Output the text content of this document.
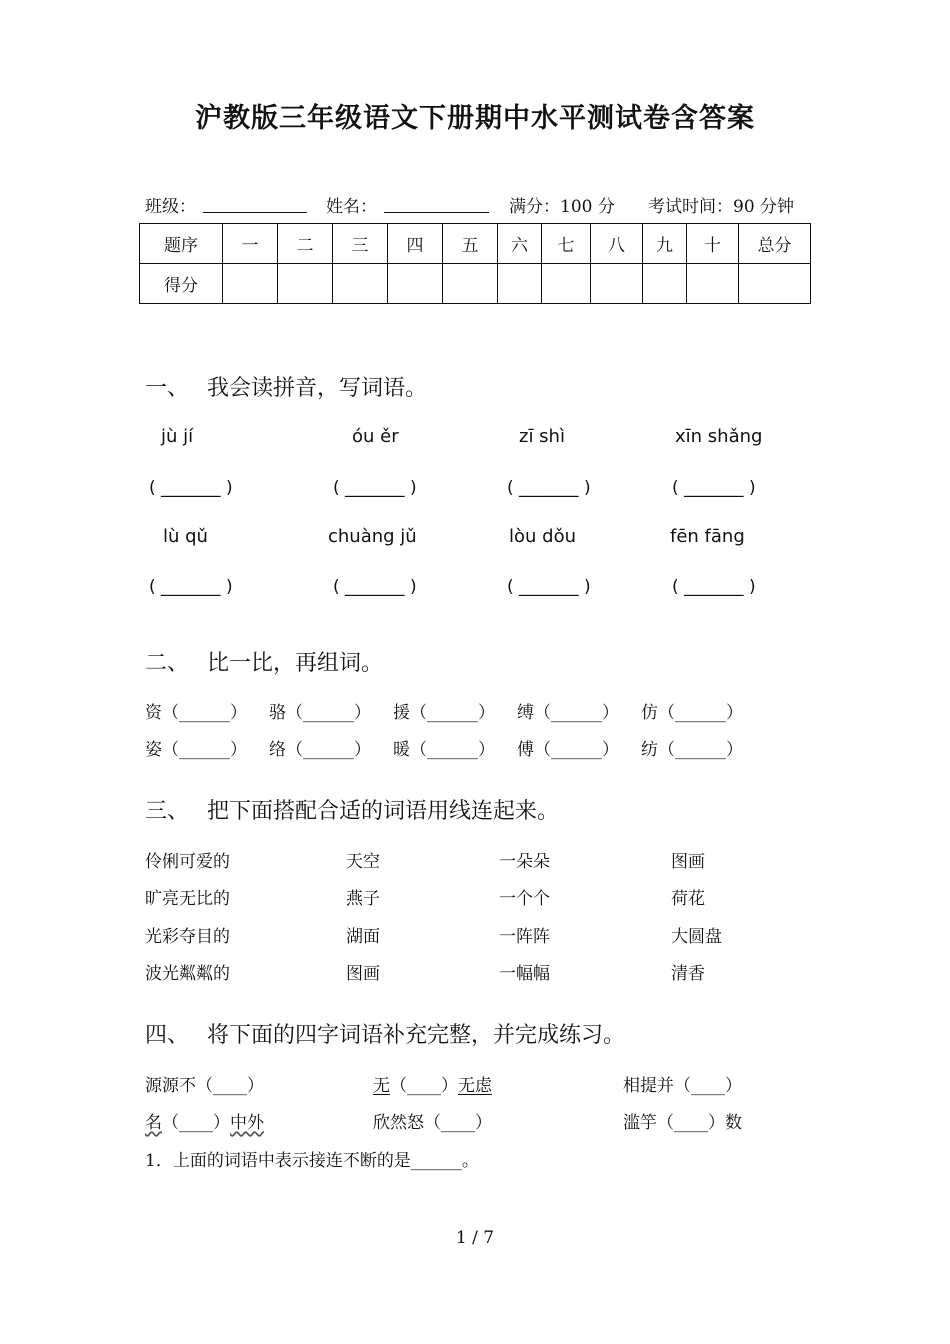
沪教版三年级语文下册期中水平测试卷含答案
班级：	姓名：	满分：100 分 考试时间：90 分钟
题序	一	二	三	四	五	六	七	八	九	十	总分
得分											
一、 我会读拼音，写词语。
jù jí	óu ěr	zī shì	xīn shǎng
( _______ )	( _______ )	( _______ )	( _______ )
lù qǔ	chuàng jǔ	lòu dǒu	fēn fāng
( _______ )	( _______ )	( _______ )	( _______ )
二、 比一比，再组词。
资（______） 骆（______） 援（______） 缚（______） 仿（______）
姿（______） 络（______） 暖（______） 傅（______） 纺（______）
三、 把下面搭配合适的词语用线连起来。
伶俐可爱的	天空	一朵朵	图画
旷亮无比的	燕子	一个个	荷花
光彩夺目的	湖面	一阵阵	大圆盘
波光粼粼的	图画	一幅幅	清香
四、 将下面的四字词语补充完整，并完成练习。
源源不（____）	无（____）无虑	相提并（____）
名（____）中外	欣然怒（____）	滥竽（____）数
1．上面的词语中表示接连不断的是______。
1 / 7
